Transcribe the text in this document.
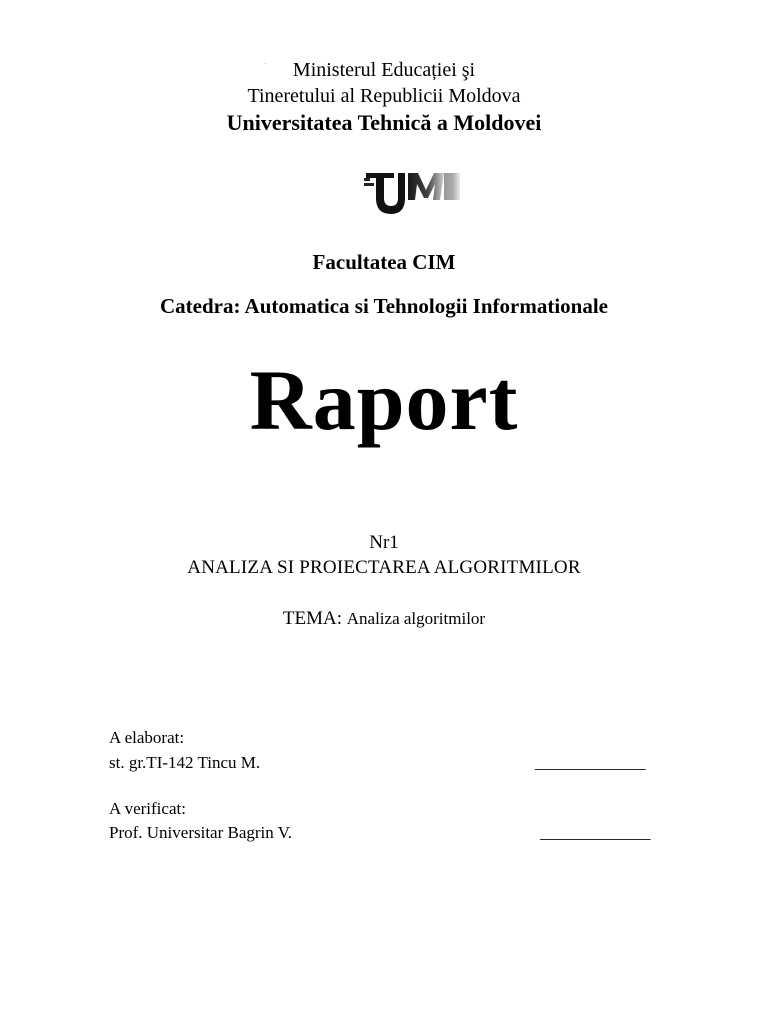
Ministerul Educației şi
Tineretului al Republicii Moldova
Universitatea Tehnică a Moldovei
UTM
Facultatea CIM
Catedra: Automatica si Tehnologii Informationale
Raport
Nr1
ANALIZA SI PROIECTAREA ALGORITMILOR
TEMA: Analiza algoritmilor
A elaborat:
st. gr.TI-142 Tincu M.	_____________
A verificat:
Prof. Universitar Bagrin V.	_____________
